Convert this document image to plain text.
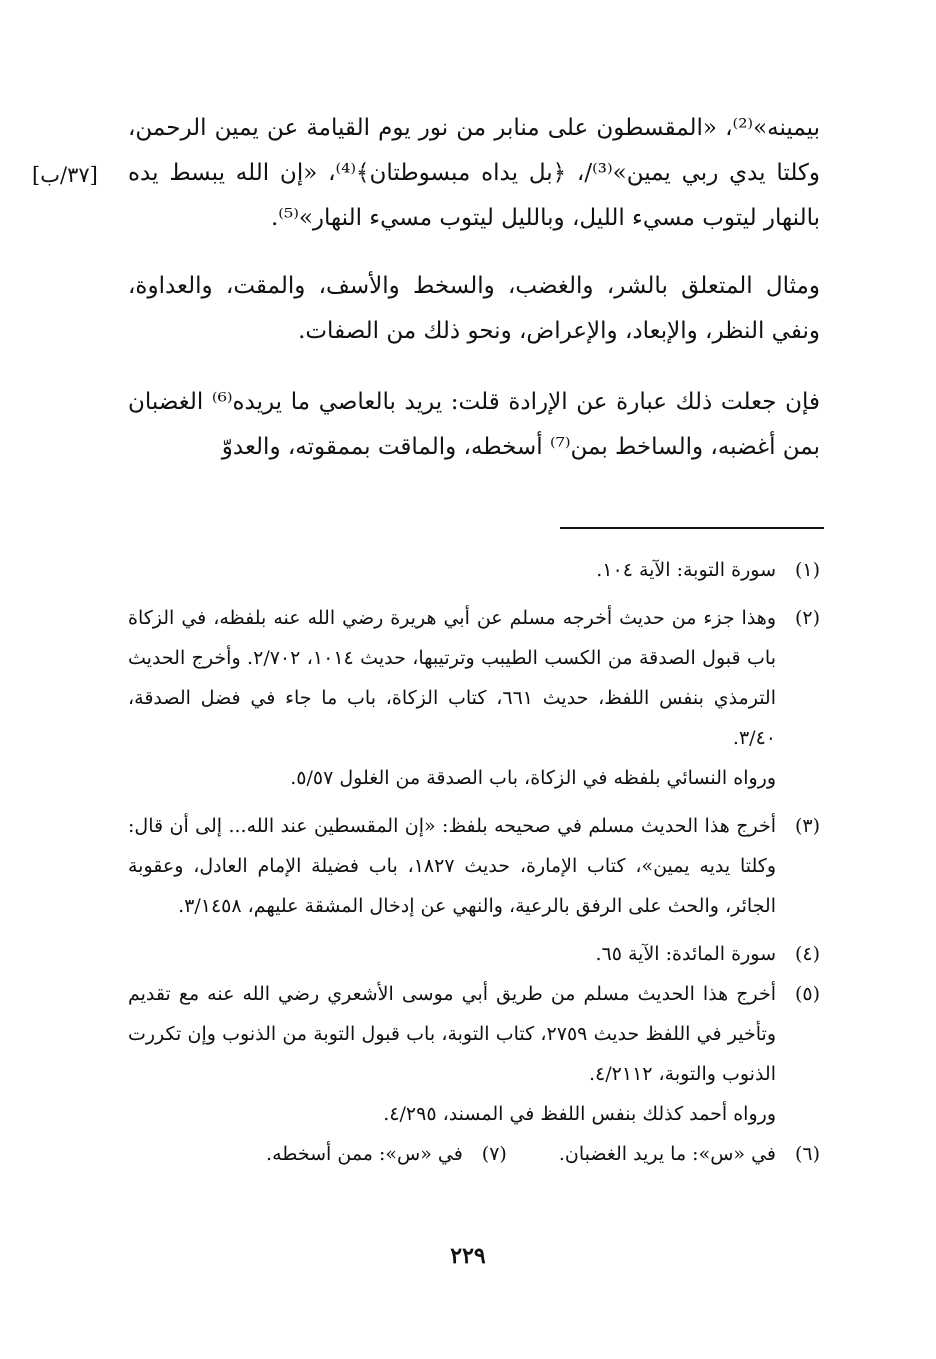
بيمينه»⁽²⁾، «المقسطون على منابر من نور يوم القيامة عن يمين الرحمن، وكلتا يدي ربي يمين»⁽³⁾/، ﴿بل يداه مبسوطتان﴾⁽⁴⁾، «إن الله يبسط يده بالنهار ليتوب مسيء الليل، وبالليل ليتوب مسيء النهار»⁽⁵⁾.

[٣٧/ب]

ومثال المتعلق بالشر، والغضب، والسخط والأسف، والمقت، والعداوة، ونفي النظر، والإبعاد، والإعراض، ونحو ذلك من الصفات.

فإن جعلت ذلك عبارة عن الإرادة قلت: يريد بالعاصي ما يريده⁽⁶⁾ الغضبان بمن أغضبه، والساخط بمن⁽⁷⁾ أسخطه، والماقت بممقوته، والعدوّ

(١)
سورة التوبة: الآية ١٠٤.
(٢)
وهذا جزء من حديث أخرجه مسلم عن أبي هريرة رضي الله عنه بلفظه، في الزكاة باب قبول الصدقة من الكسب الطيبب وترتيبها، حديث ١٠١٤، ٢/٧٠٢. وأخرج الحديث الترمذي بنفس اللفظ، حديث ٦٦١، كتاب الزكاة، باب ما جاء في فضل الصدقة، ٣/٤٠.
ورواه النسائي بلفظه في الزكاة، باب الصدقة من الغلول ٥/٥٧.
(٣)
أخرج هذا الحديث مسلم في صحيحه بلفظ: «إن المقسطين عند الله... إلى أن قال: وكلتا يديه يمين»، كتاب الإمارة، حديث ١٨٢٧، باب فضيلة الإمام العادل، وعقوبة الجائر، والحث على الرفق بالرعية، والنهي عن إدخال المشقة عليهم، ٣/١٤٥٨.
(٤)
سورة المائدة: الآية ٦٥.
(٥)
أخرج هذا الحديث مسلم من طريق أبي موسى الأشعري رضي الله عنه مع تقديم وتأخير في اللفظ حديث ٢٧٥٩، كتاب التوبة، باب قبول التوبة من الذنوب وإن تكررت الذنوب والتوبة، ٤/٢١١٢.
ورواه أحمد كذلك بنفس اللفظ في المسند، ٤/٢٩٥.
(٦)
في «س»: ما يريد الغضبان.
(٧)
في «س»: ممن أسخطه.
٢٢٩
